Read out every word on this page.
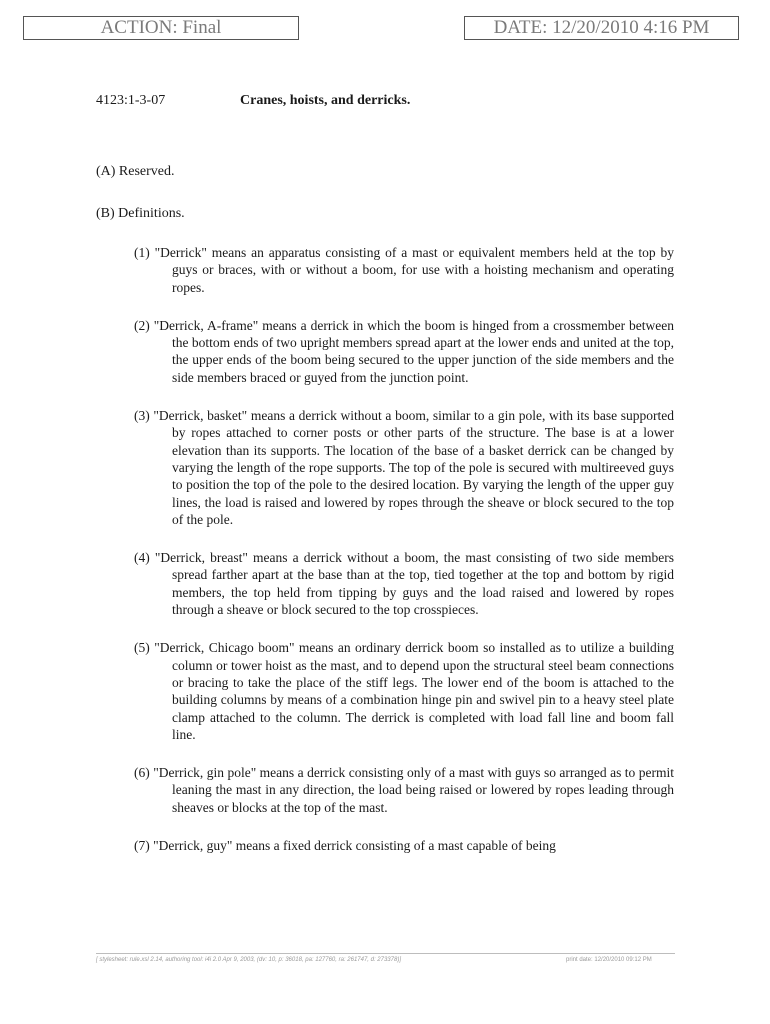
ACTION: Final	DATE: 12/20/2010 4:16 PM
4123:1-3-07	Cranes, hoists, and derricks.
(A) Reserved.
(B) Definitions.

(1) "Derrick" means an apparatus consisting of a mast or equivalent members held at the top by guys or braces, with or without a boom, for use with a hoisting mechanism and operating ropes.

(2) "Derrick, A-frame" means a derrick in which the boom is hinged from a crossmember between the bottom ends of two upright members spread apart at the lower ends and united at the top, the upper ends of the boom being secured to the upper junction of the side members and the side members braced or guyed from the junction point.

(3) "Derrick, basket" means a derrick without a boom, similar to a gin pole, with its base supported by ropes attached to corner posts or other parts of the structure. The base is at a lower elevation than its supports. The location of the base of a basket derrick can be changed by varying the length of the rope supports. The top of the pole is secured with multireeved guys to position the top of the pole to the desired location. By varying the length of the upper guy lines, the load is raised and lowered by ropes through the sheave or block secured to the top of the pole.

(4) "Derrick, breast" means a derrick without a boom, the mast consisting of two side members spread farther apart at the base than at the top, tied together at the top and bottom by rigid members, the top held from tipping by guys and the load raised and lowered by ropes through a sheave or block secured to the top crosspieces.

(5) "Derrick, Chicago boom" means an ordinary derrick boom so installed as to utilize a building column or tower hoist as the mast, and to depend upon the structural steel beam connections or bracing to take the place of the stiff legs. The lower end of the boom is attached to the building columns by means of a combination hinge pin and swivel pin to a heavy steel plate clamp attached to the column. The derrick is completed with load fall line and boom fall line.

(6) "Derrick, gin pole" means a derrick consisting only of a mast with guys so arranged as to permit leaning the mast in any direction, the load being raised or lowered by ropes leading through sheaves or blocks at the top of the mast.

(7) "Derrick, guy" means a fixed derrick consisting of a mast capable of being

[ stylesheet: rule.xsl 2.14, authoring tool: i4i 2.0 Apr 9, 2003, (dv: 10, p: 36018, pa: 127760, ra: 261747, d: 273378)]	print date: 12/20/2010 09:12 PM
